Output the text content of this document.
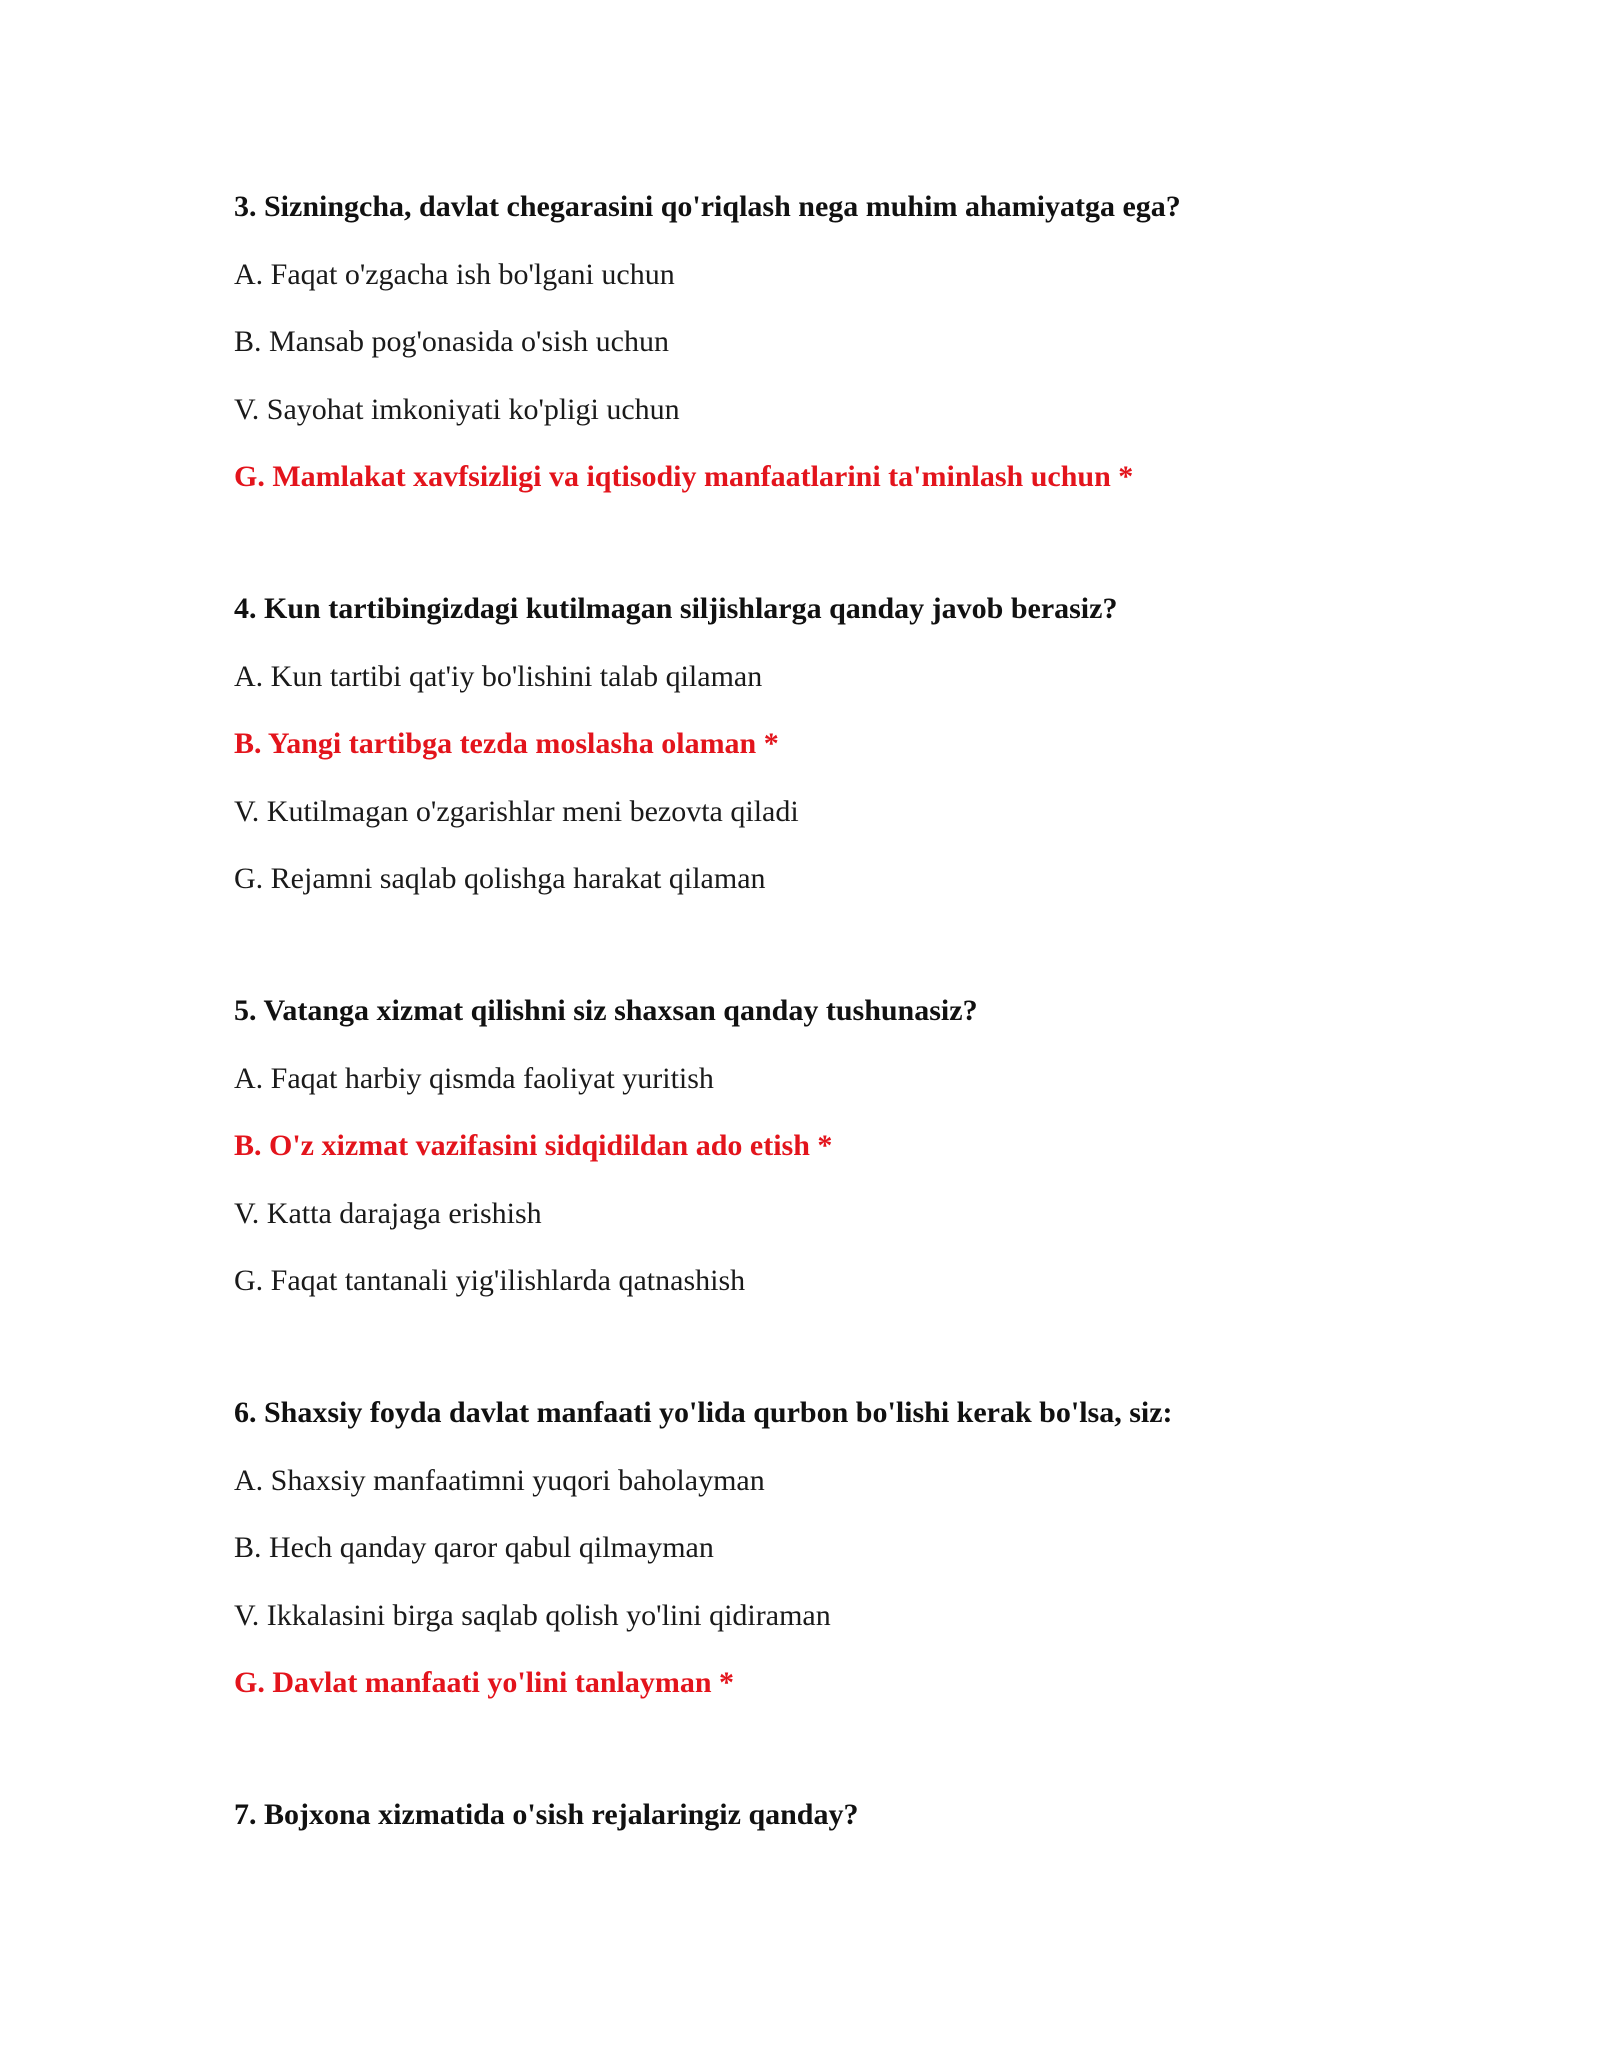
3. Sizningcha, davlat chegarasini qo'riqlash nega muhim ahamiyatga ega?
A. Faqat o'zgacha ish bo'lgani uchun
B. Mansab pog'onasida o'sish uchun
V. Sayohat imkoniyati ko'pligi uchun
G. Mamlakat xavfsizligi va iqtisodiy manfaatlarini ta'minlash uchun *
4. Kun tartibingizdagi kutilmagan siljishlarga qanday javob berasiz?
A. Kun tartibi qat'iy bo'lishini talab qilaman
B. Yangi tartibga tezda moslasha olaman *
V. Kutilmagan o'zgarishlar meni bezovta qiladi
G. Rejamni saqlab qolishga harakat qilaman
5. Vatanga xizmat qilishni siz shaxsan qanday tushunasiz?
A. Faqat harbiy qismda faoliyat yuritish
B. O'z xizmat vazifasini sidqidildan ado etish *
V. Katta darajaga erishish
G. Faqat tantanali yig'ilishlarda qatnashish
6. Shaxsiy foyda davlat manfaati yo'lida qurbon bo'lishi kerak bo'lsa, siz:
A. Shaxsiy manfaatimni yuqori baholayman
B. Hech qanday qaror qabul qilmayman
V. Ikkalasini birga saqlab qolish yo'lini qidiraman
G. Davlat manfaati yo'lini tanlayman *
7. Bojxona xizmatida o'sish rejalaringiz qanday?
